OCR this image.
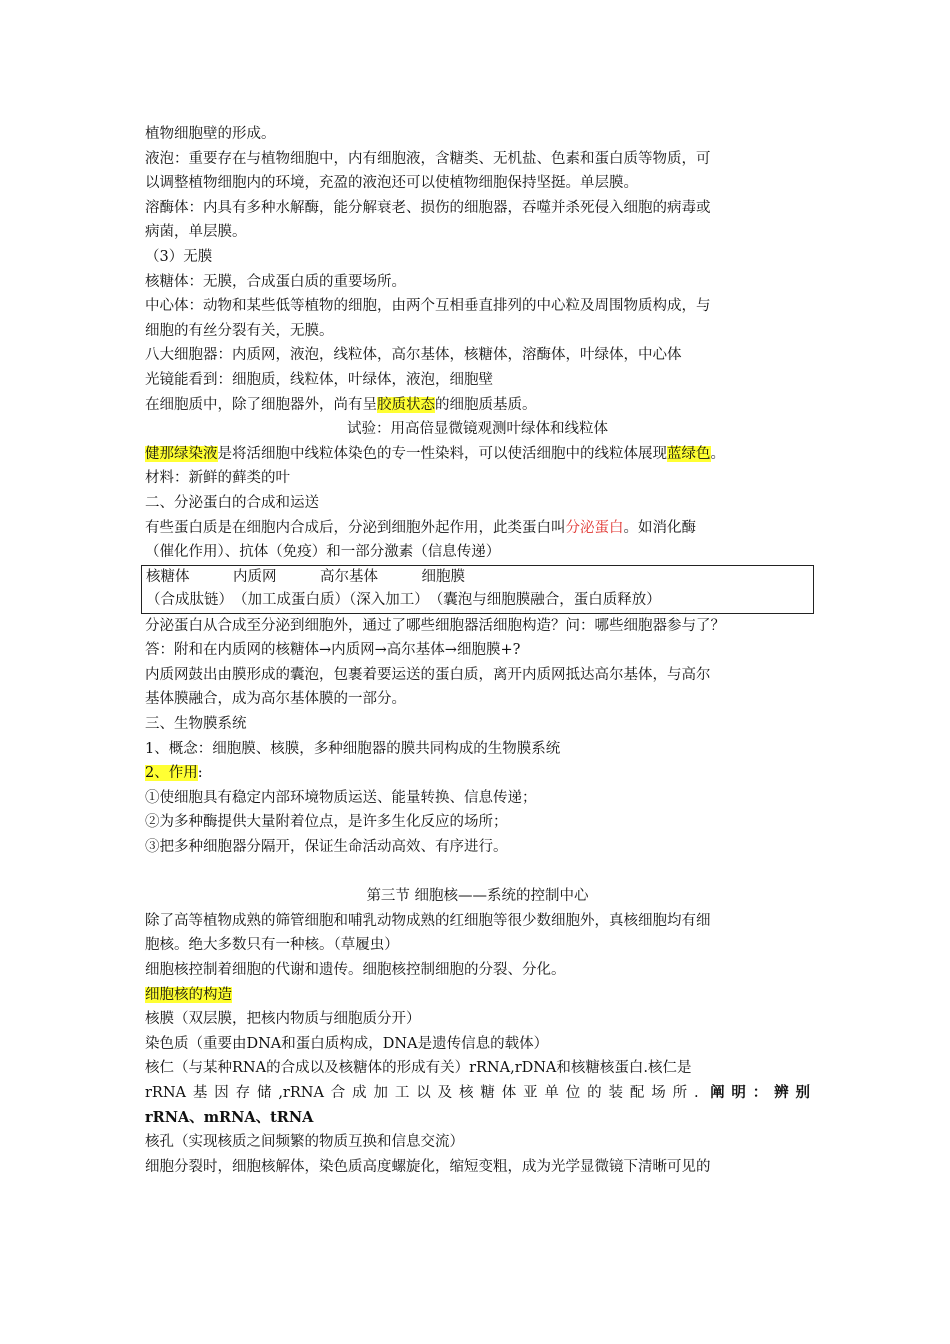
植物细胞壁的形成。
液泡：重要存在与植物细胞中，内有细胞液，含糖类、无机盐、色素和蛋白质等物质，可
以调整植物细胞内的环境，充盈的液泡还可以使植物细胞保持坚挺。单层膜。
溶酶体：内具有多种水解酶，能分解衰老、损伤的细胞器，吞噬并杀死侵入细胞的病毒或
病菌，单层膜。
（3）无膜
核糖体：无膜，合成蛋白质的重要场所。
中心体：动物和某些低等植物的细胞，由两个互相垂直排列的中心粒及周围物质构成，与
细胞的有丝分裂有关，无膜。
八大细胞器：内质网，液泡，线粒体，高尔基体，核糖体，溶酶体，叶绿体，中心体
光镜能看到：细胞质，线粒体，叶绿体，液泡，细胞壁
在细胞质中，除了细胞器外，尚有呈胶质状态的细胞质基质。
试验：用高倍显微镜观测叶绿体和线粒体
健那绿染液是将活细胞中线粒体染色的专一性染料，可以使活细胞中的线粒体展现蓝绿色。
材料：新鲜的藓类的叶
二、分泌蛋白的合成和运送
有些蛋白质是在细胞内合成后，分泌到细胞外起作用，此类蛋白叫分泌蛋白。如消化酶
（催化作用）、抗体（免疫）和一部分激素（信息传递）
核糖体　　　内质网　　　高尔基体　　　细胞膜
（合成肽链）　（加工成蛋白质）（深入加工）　（囊泡与细胞膜融合，蛋白质释放）
分泌蛋白从合成至分泌到细胞外，通过了哪些细胞器活细胞构造？问：哪些细胞器参与了？
答：附和在内质网的核糖体→内质网→高尔基体→细胞膜+?
内质网鼓出由膜形成的囊泡，包裹着要运送的蛋白质，离开内质网抵达高尔基体，与高尔
基体膜融合，成为高尔基体膜的一部分。
三、生物膜系统
1、概念：细胞膜、核膜，多种细胞器的膜共同构成的生物膜系统
2、作用:
①使细胞具有稳定内部环境物质运送、能量转换、信息传递；
②为多种酶提供大量附着位点，是许多生化反应的场所；
③把多种细胞器分隔开，保证生命活动高效、有序进行。
第三节 细胞核——系统的控制中心
除了高等植物成熟的筛管细胞和哺乳动物成熟的红细胞等很少数细胞外，真核细胞均有细
胞核。绝大多数只有一种核。（草履虫）
细胞核控制着细胞的代谢和遗传。细胞核控制细胞的分裂、分化。
细胞核的构造
核膜（双层膜，把核内物质与细胞质分开）
染色质（重要由DNA和蛋白质构成，DNA是遗传信息的载体）
核仁（与某种RNA的合成以及核糖体的形成有关）rRNA,rDNA和核糖核蛋白.核仁是
rRNA基因存储,rRNA合成加工以及核糖体亚单位的装配场所. 阐明：辨别
rRNA、mRNA、tRNA
核孔（实现核质之间频繁的物质互换和信息交流）
细胞分裂时，细胞核解体，染色质高度螺旋化，缩短变粗，成为光学显微镜下清晰可见的
